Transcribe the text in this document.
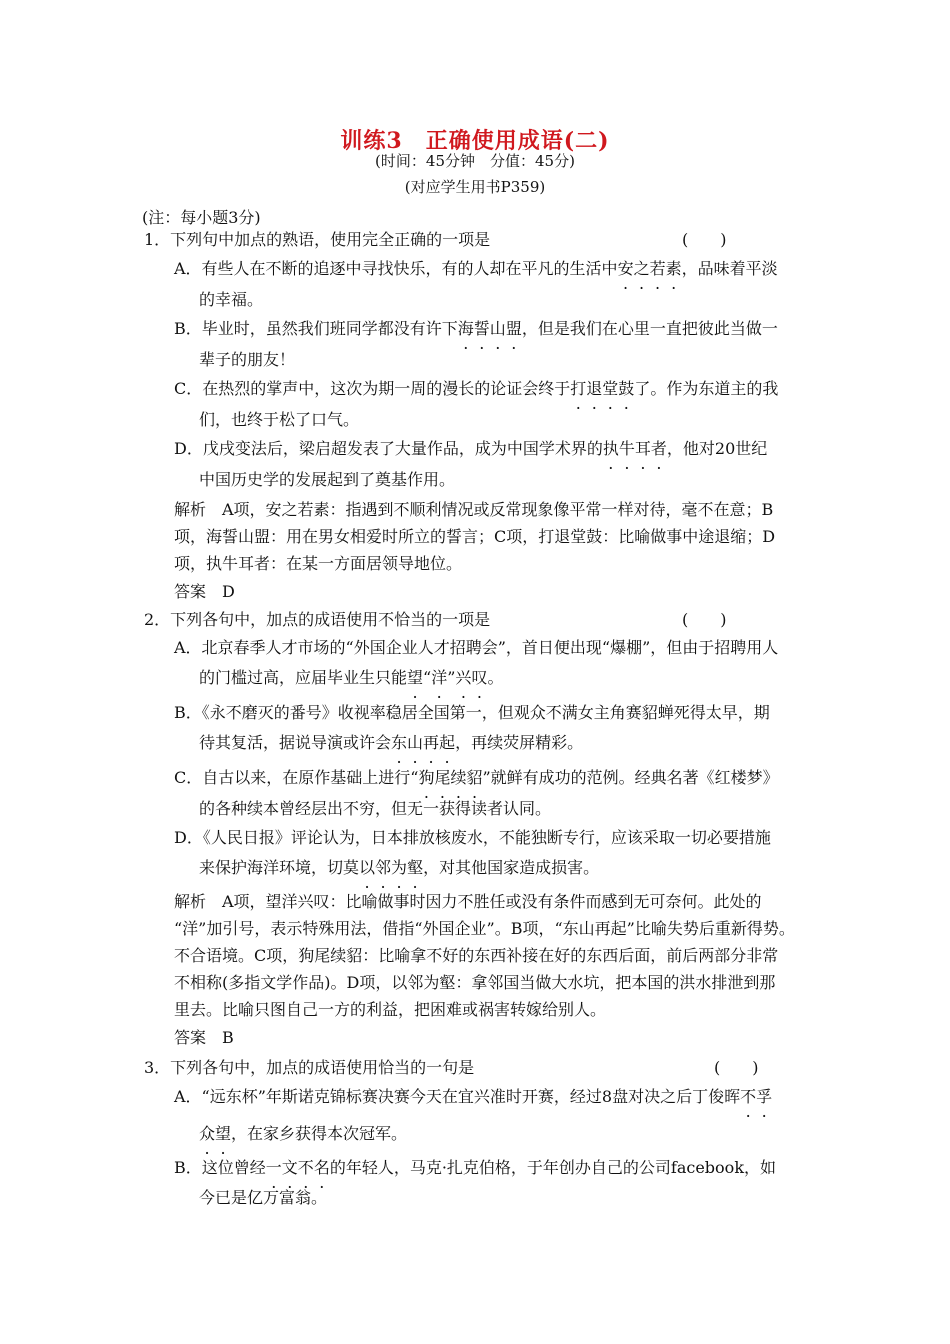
训练3　正确使用成语(二)
(时间：45分钟　分值：45分)
(对应学生用书P359)
(注：每小题3分)
1．下列句中加点的熟语，使用完全正确的一项是	(　　)
A．有些人在不断的追逐中寻找快乐，有的人却在平凡的生活中安之若素，品味着平淡
的幸福。
B．毕业时，虽然我们班同学都没有许下海誓山盟，但是我们在心里一直把彼此当做一
辈子的朋友！
C．在热烈的掌声中，这次为期一周的漫长的论证会终于打退堂鼓了。作为东道主的我
们，也终于松了口气。
D．戊戌变法后，梁启超发表了大量作品，成为中国学术界的执牛耳者，他对20世纪
中国历史学的发展起到了奠基作用。
解析　A项，安之若素：指遇到不顺利情况或反常现象像平常一样对待，毫不在意；B
项，海誓山盟：用在男女相爱时所立的誓言；C项，打退堂鼓：比喻做事中途退缩；D
项，执牛耳者：在某一方面居领导地位。
答案　D
2．下列各句中，加点的成语使用不恰当的一项是	(　　)
A．北京春季人才市场的“外国企业人才招聘会”，首日便出现“爆棚”，但由于招聘用人
的门槛过高，应届毕业生只能望“洋”兴叹。
B．《永不磨灭的番号》收视率稳居全国第一，但观众不满女主角赛貂蝉死得太早，期
待其复活，据说导演或许会东山再起，再续荧屏精彩。
C．自古以来，在原作基础上进行“狗尾续貂”就鲜有成功的范例。经典名著《红楼梦》
的各种续本曾经层出不穷，但无一获得读者认同。
D．《人民日报》评论认为，日本排放核废水，不能独断专行，应该采取一切必要措施
来保护海洋环境，切莫以邻为壑，对其他国家造成损害。
解析　A项，望洋兴叹：比喻做事时因力不胜任或没有条件而感到无可奈何。此处的
“洋”加引号，表示特殊用法，借指“外国企业”。B项，“东山再起”比喻失势后重新得势。
不合语境。C项，狗尾续貂：比喻拿不好的东西补接在好的东西后面，前后两部分非常
不相称(多指文学作品)。D项，以邻为壑：拿邻国当做大水坑，把本国的洪水排泄到那
里去。比喻只图自己一方的利益，把困难或祸害转嫁给别人。
答案　B
3．下列各句中，加点的成语使用恰当的一句是	(　　)
A．“远东杯”年斯诺克锦标赛决赛今天在宜兴准时开赛，经过8盘对决之后丁俊晖不孚
众望，在家乡获得本次冠军。
B．这位曾经一文不名的年轻人，马克·扎克伯格，于年创办自己的公司facebook，如
今已是亿万富翁。
